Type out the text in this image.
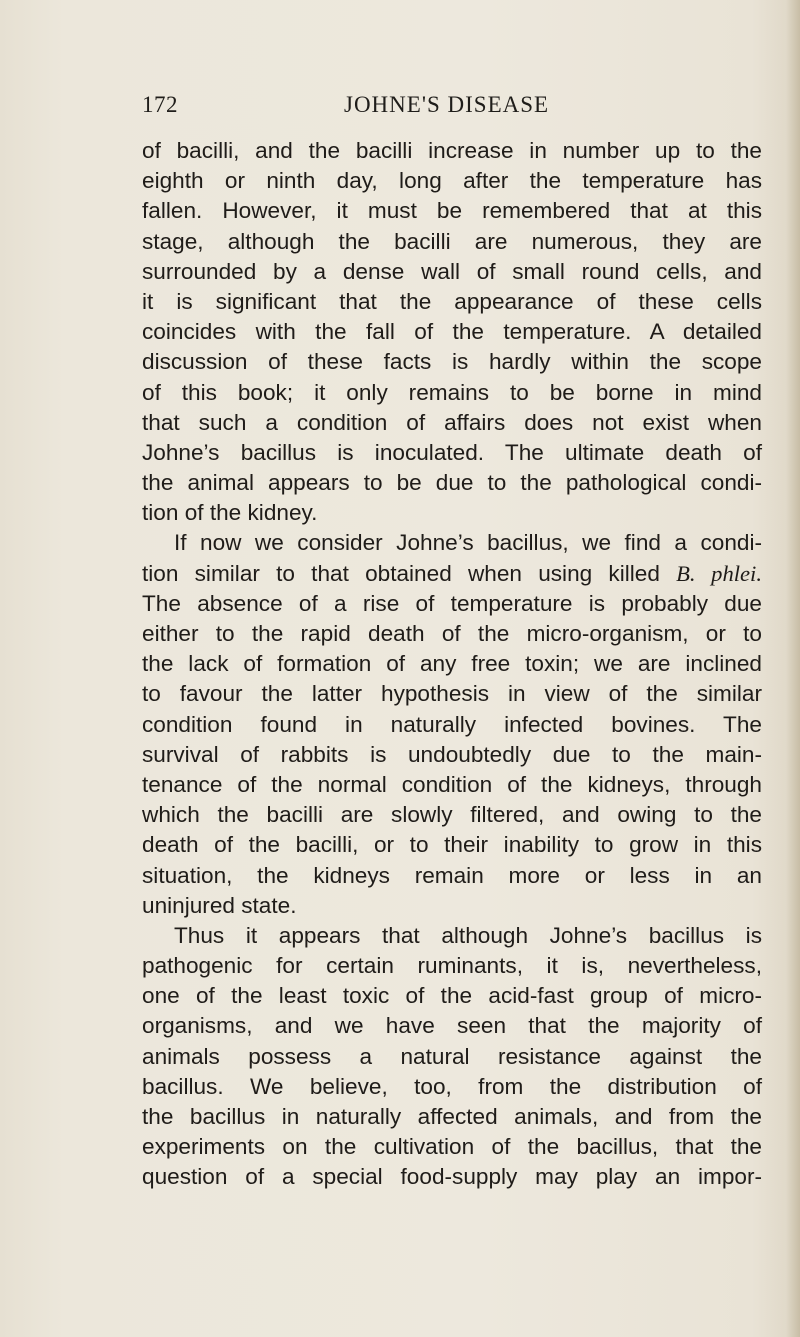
172	JOHNE'S DISEASE
of bacilli, and the bacilli increase in number up to the
eighth or ninth day, long after the temperature has
fallen. However, it must be remembered that at this
stage, although the bacilli are numerous, they are
surrounded by a dense wall of small round cells, and
it is significant that the appearance of these cells
coincides with the fall of the temperature. A detailed
discussion of these facts is hardly within the scope
of this book; it only remains to be borne in mind
that such a condition of affairs does not exist when
Johne’s bacillus is inoculated. The ultimate death of
the animal appears to be due to the pathological condi-
tion of the kidney.
If now we consider Johne’s bacillus, we find a condi-
tion similar to that obtained when using killed B. phlei.
The absence of a rise of temperature is probably due
either to the rapid death of the micro-organism, or to
the lack of formation of any free toxin; we are inclined
to favour the latter hypothesis in view of the similar
condition found in naturally infected bovines. The
survival of rabbits is undoubtedly due to the main-
tenance of the normal condition of the kidneys, through
which the bacilli are slowly filtered, and owing to the
death of the bacilli, or to their inability to grow in this
situation, the kidneys remain more or less in an
uninjured state.
Thus it appears that although Johne’s bacillus is
pathogenic for certain ruminants, it is, nevertheless,
one of the least toxic of the acid-fast group of micro-
organisms, and we have seen that the majority of
animals possess a natural resistance against the
bacillus. We believe, too, from the distribution of
the bacillus in naturally affected animals, and from the
experiments on the cultivation of the bacillus, that the
question of a special food-supply may play an impor-
